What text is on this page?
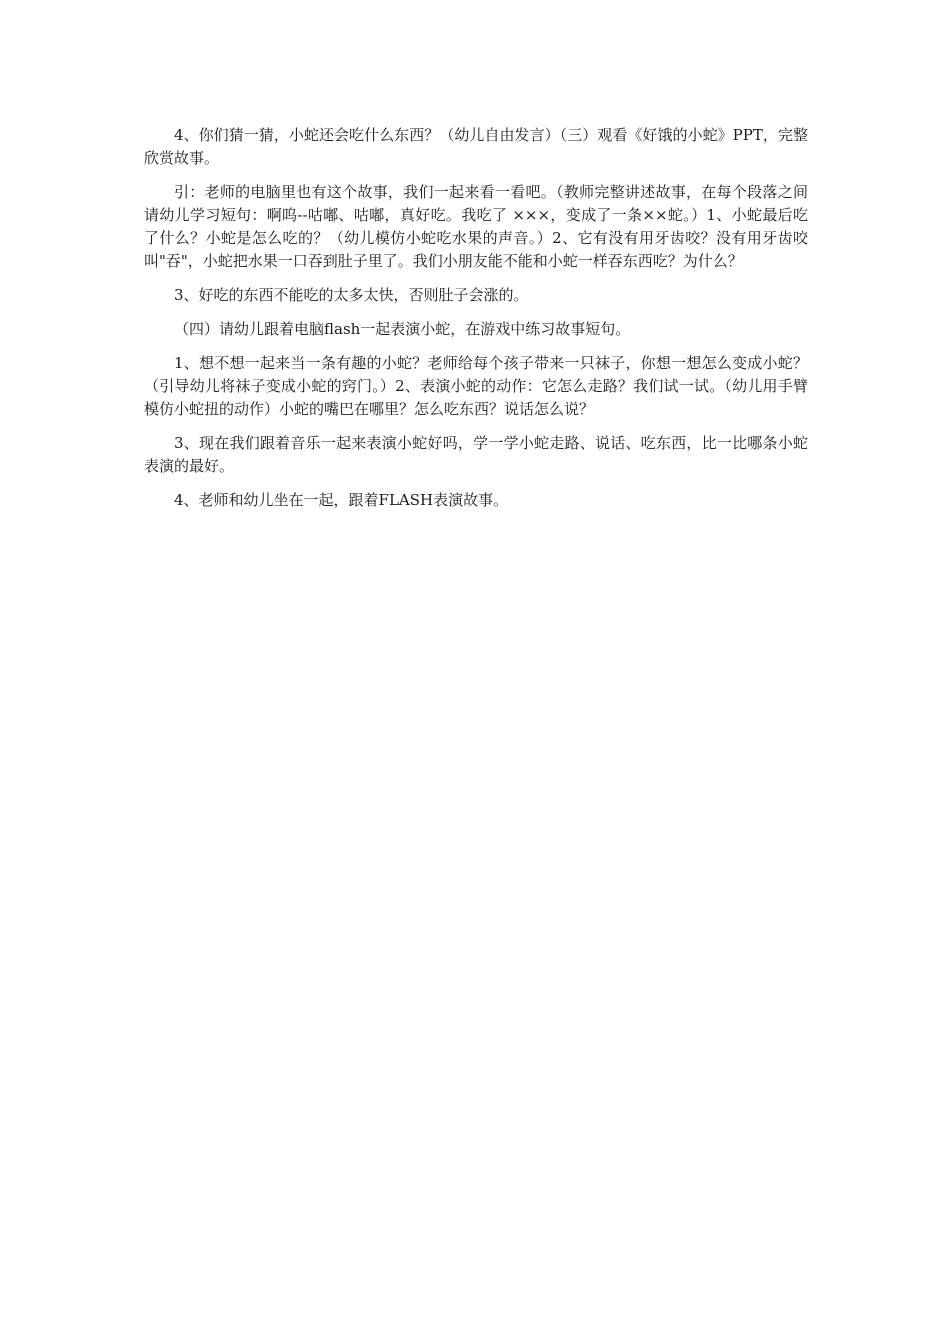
4、你们猜一猜，小蛇还会吃什么东西？（幼儿自由发言）（三）观看《好饿的小蛇》PPT，完整欣赏故事。

引：老师的电脑里也有这个故事，我们一起来看一看吧。（教师完整讲述故事，在每个段落之间请幼儿学习短句：啊呜--咕嘟、咕嘟，真好吃。我吃了 ×××，变成了一条××蛇。）1、小蛇最后吃了什么？小蛇是怎么吃的？（幼儿模仿小蛇吃水果的声音。）2、它有没有用牙齿咬？没有用牙齿咬叫"吞"，小蛇把水果一口吞到肚子里了。我们小朋友能不能和小蛇一样吞东西吃？为什么？

3、好吃的东西不能吃的太多太快，否则肚子会涨的。

（四）请幼儿跟着电脑flash一起表演小蛇，在游戏中练习故事短句。

1、想不想一起来当一条有趣的小蛇？老师给每个孩子带来一只袜子，你想一想怎么变成小蛇？（引导幼儿将袜子变成小蛇的窍门。）2、表演小蛇的动作：它怎么走路？我们试一试。（幼儿用手臂模仿小蛇扭的动作）小蛇的嘴巴在哪里？怎么吃东西？说话怎么说？

3、现在我们跟着音乐一起来表演小蛇好吗，学一学小蛇走路、说话、吃东西，比一比哪条小蛇表演的最好。

4、老师和幼儿坐在一起，跟着FLASH表演故事。
